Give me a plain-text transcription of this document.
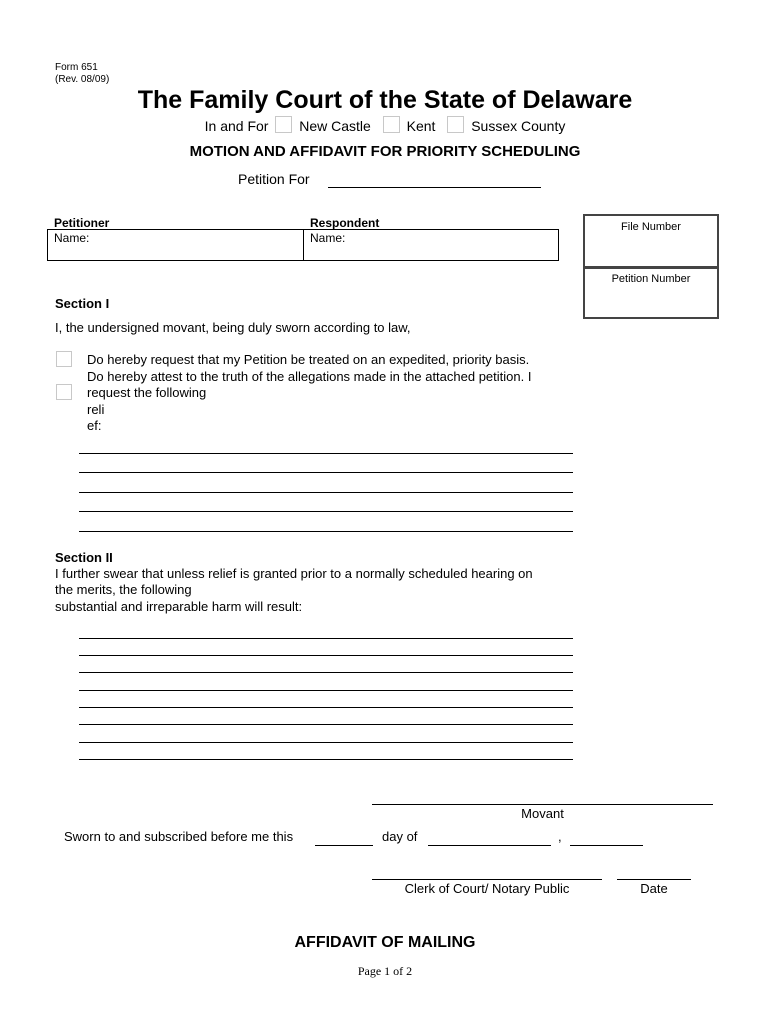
Form 651
(Rev. 08/09)
The Family Court of the State of Delaware
In and For New Castle	Kent	Sussex County
MOTION AND AFFIDAVIT FOR PRIORITY SCHEDULING
Petition For
Petitioner	Respondent
Name:	Name:
File Number
Petition Number
Section I
I, the undersigned movant, being duly sworn according to law,
Do hereby request that my Petition be treated on an expedited, priority basis.
Do hereby attest to the truth of the allegations made in the attached petition. I
request the following
reli
ef:
Section II
I further swear that unless relief is granted prior to a normally scheduled hearing on
the merits, the following
substantial and irreparable harm will result:
Movant
Sworn to and subscribed before me this	day of	,
Clerk of Court/ Notary Public	Date
AFFIDAVIT OF MAILING
Page 1 of 2
